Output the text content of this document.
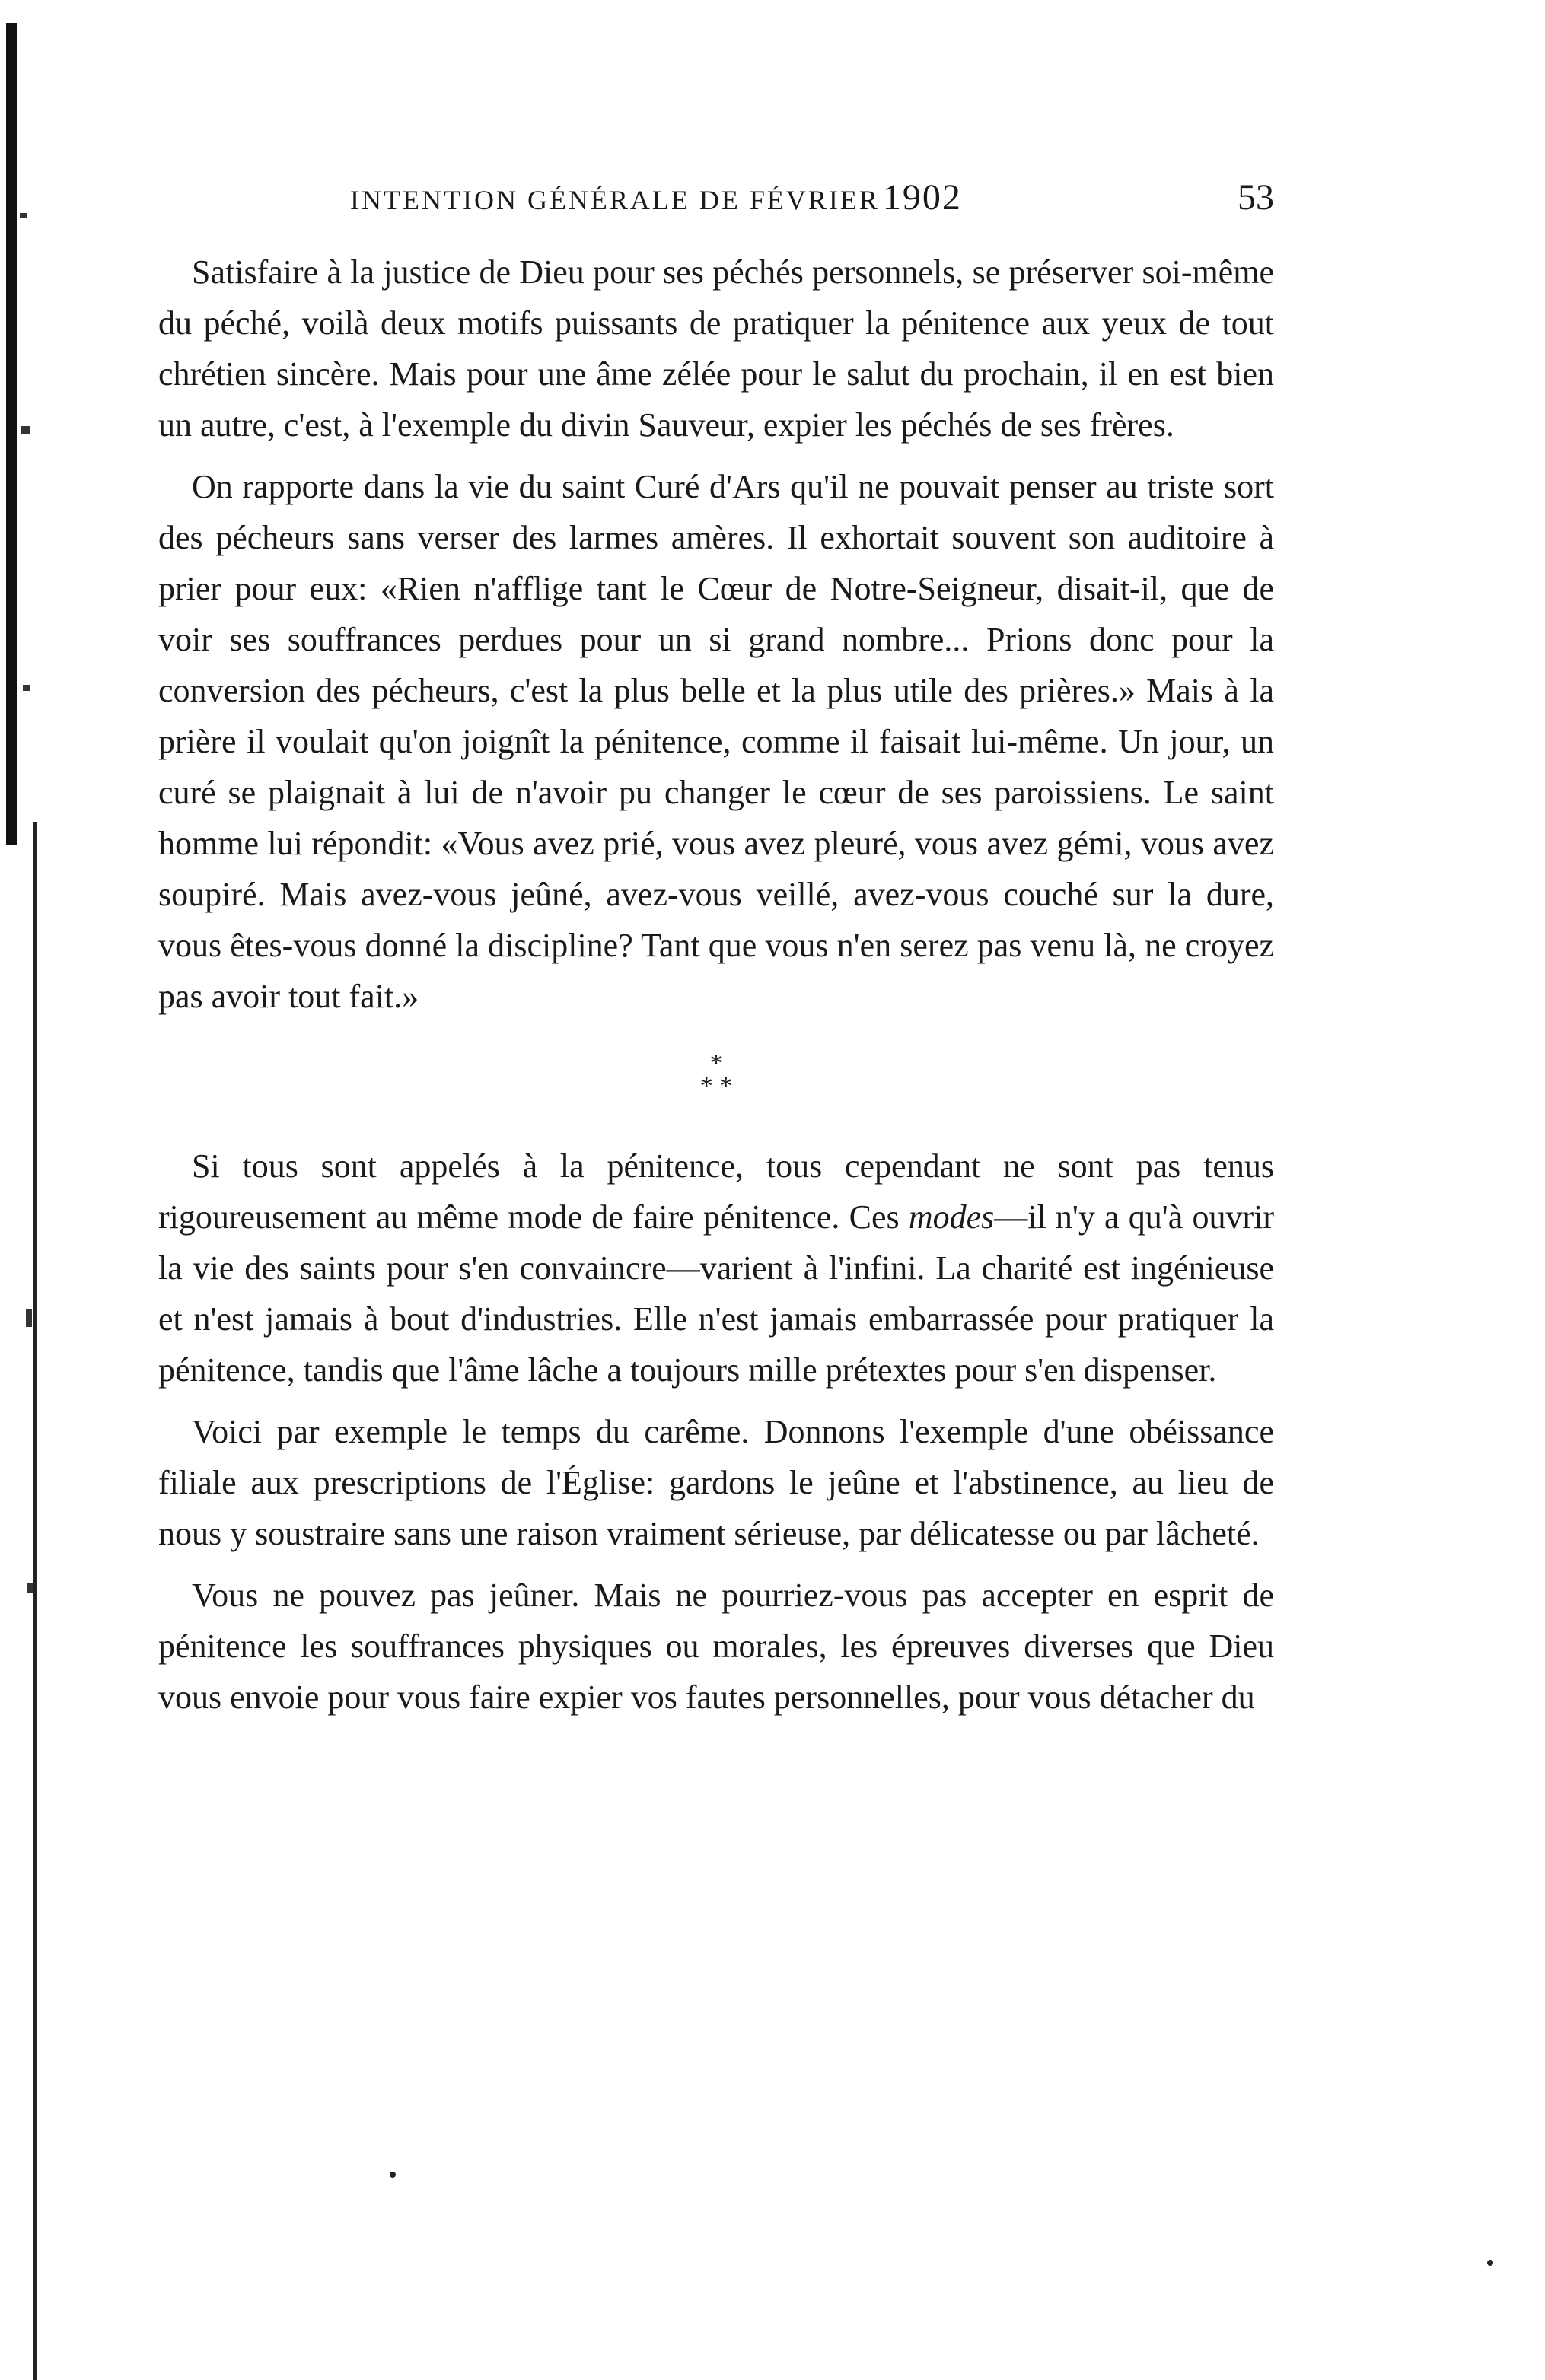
INTENTION GÉNÉRALE DE FÉVRIER 1902	53

Satisfaire à la justice de Dieu pour ses péchés personnels, se préserver soi-même du péché, voilà deux motifs puissants de pratiquer la pénitence aux yeux de tout chrétien sincère. Mais pour une âme zélée pour le salut du prochain, il en est bien un autre, c'est, à l'exemple du divin Sauveur, expier les péchés de ses frères.

On rapporte dans la vie du saint Curé d'Ars qu'il ne pouvait penser au triste sort des pécheurs sans verser des larmes amères. Il exhortait souvent son auditoire à prier pour eux: «Rien n'afflige tant le Cœur de Notre-Seigneur, disait-il, que de voir ses souffrances perdues pour un si grand nombre... Prions donc pour la conversion des pécheurs, c'est la plus belle et la plus utile des prières.» Mais à la prière il voulait qu'on joignît la pénitence, comme il faisait lui-même. Un jour, un curé se plaignait à lui de n'avoir pu changer le cœur de ses paroissiens. Le saint homme lui répondit: «Vous avez prié, vous avez pleuré, vous avez gémi, vous avez soupiré. Mais avez-vous jeûné, avez-vous veillé, avez-vous couché sur la dure, vous êtes-vous donné la discipline? Tant que vous n'en serez pas venu là, ne croyez pas avoir tout fait.»

*
* *

Si tous sont appelés à la pénitence, tous cependant ne sont pas tenus rigoureusement au même mode de faire pénitence. Ces modes—il n'y a qu'à ouvrir la vie des saints pour s'en convaincre—varient à l'infini. La charité est ingénieuse et n'est jamais à bout d'industries. Elle n'est jamais embarrassée pour pratiquer la pénitence, tandis que l'âme lâche a toujours mille prétextes pour s'en dispenser.

Voici par exemple le temps du carême. Donnons l'exemple d'une obéissance filiale aux prescriptions de l'Église: gardons le jeûne et l'abstinence, au lieu de nous y soustraire sans une raison vraiment sérieuse, par délicatesse ou par lâcheté.

Vous ne pouvez pas jeûner. Mais ne pourriez-vous pas accepter en esprit de pénitence les souffrances physiques ou morales, les épreuves diverses que Dieu vous envoie pour vous faire expier vos fautes personnelles, pour vous détacher du
